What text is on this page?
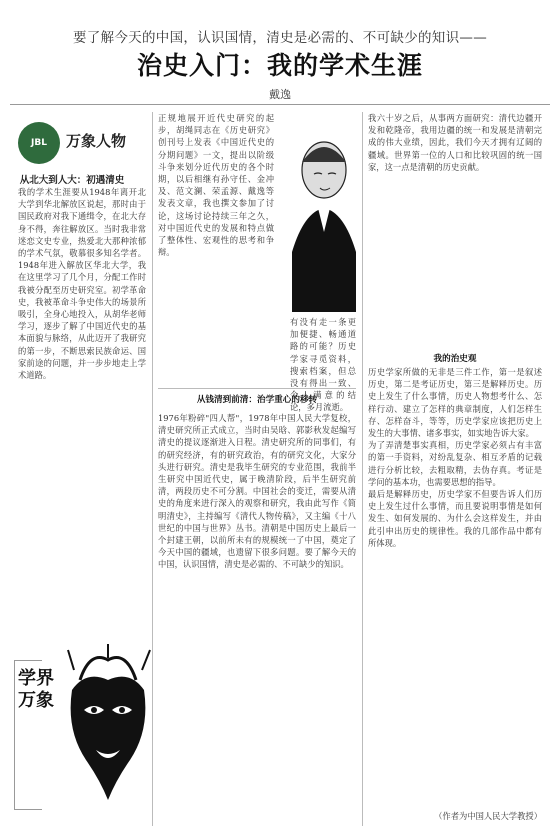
要了解今天的中国，认识国情，清史是必需的、不可缺少的知识——
治史入门：我的学术生涯
戴逸
JBL	万象人物
从北大到人大：初遇清史
我的学术生涯要从1948年离开北大学到华北解放区说起，那时由于国民政府对我下通缉令，在北大存身不得，奔往解放区。当时我非常迷恋文史专业，热爱北大那种浓郁的学术气氛，敬慕很多知名学者。1948年进入解放区华北大学，我在这里学习了几个月，分配工作时我被分配至历史研究室。初学革命史，我被革命斗争史伟大的场景所吸引，全身心地投入，从胡华老师学习，逐步了解了中国近代史的基本面貌与脉络，从此迈开了我研究的第一步，不断思索民族命运、国家前途的问题，并一步步地走上学术道路。
正规地展开近代史研究的起步，胡绳同志在《历史研究》创刊号上发表《中国近代史的分期问题》一文，提出以阶级斗争来划分近代历史的各个时期，以后相继有孙守任、金冲及、范文澜、荣孟源、戴逸等发表文章，我也撰文参加了讨论，这场讨论持续三年之久，对中国近代史的发展和特点做了整体性、宏观性的思考和争辩。
从钱清到前清：治学重心的移转
1976年粉碎"四人帮"，1978年中国人民大学复校，清史研究所正式成立，当时由吴晗、郭影秋发起编写清史的提议逐渐进入日程。清史研究所的同事们，有的研究经济，有的研究政治，有的研究文化，大家分头进行研究。清史是我毕生研究的专业范围，我前半生研究中国近代史，属于晚清阶段，后半生研究前清，两段历史不可分割。中国社会的变迁，需要从清史的角度来进行深入的观察和研究，我由此写作《简明清史》，主持编写《清代人物传稿》，又主编《十八世纪的中国与世界》丛书。清朝是中国历史上最后一个封建王朝，以前所未有的规模统一了中国，奠定了今天中国的疆域，也遗留下很多问题。要了解今天的中国，认识国情，清史是必需的、不可缺少的知识。
有没有走一条更加便捷、畅通道路的可能？历史学家寻觅资料，搜索档案，但总没有得出一致、令人满意的结论，多月流逝。
我六十岁之后，从事两方面研究：清代边疆开发和乾隆帝，我用边疆的统一和发展是清朝完成的伟大业绩，因此，我们今天才拥有辽阔的疆域。世界第一位的人口和比较巩固的统一国家，这一点是清朝的历史贡献。
我的治史观
历史学家所做的无非是三件工作，第一是叙述历史，第二是考证历史，第三是解释历史。历史上发生了什么事情，历史人物想考什么、怎样行动、建立了怎样的典章制度，人们怎样生存、怎样奋斗，等等，历史学家应该把历史上发生的大事情、诸多事实，如实地告诉大家。
为了弄清楚事实真相，历史学家必须占有丰富的第一手资料，对纷乱复杂、相互矛盾的记载进行分析比较，去粗取精，去伪存真。考证是学问的基本功，也需要思想的指导。
最后是解释历史，历史学家不但要告诉人们历史上发生过什么事情，而且要说明事情是如何发生、如何发展的、为什么会这样发生，并由此引申出历史的规律性。我的几部作品中都有所体现。
学界万象
（作者为中国人民大学教授）
